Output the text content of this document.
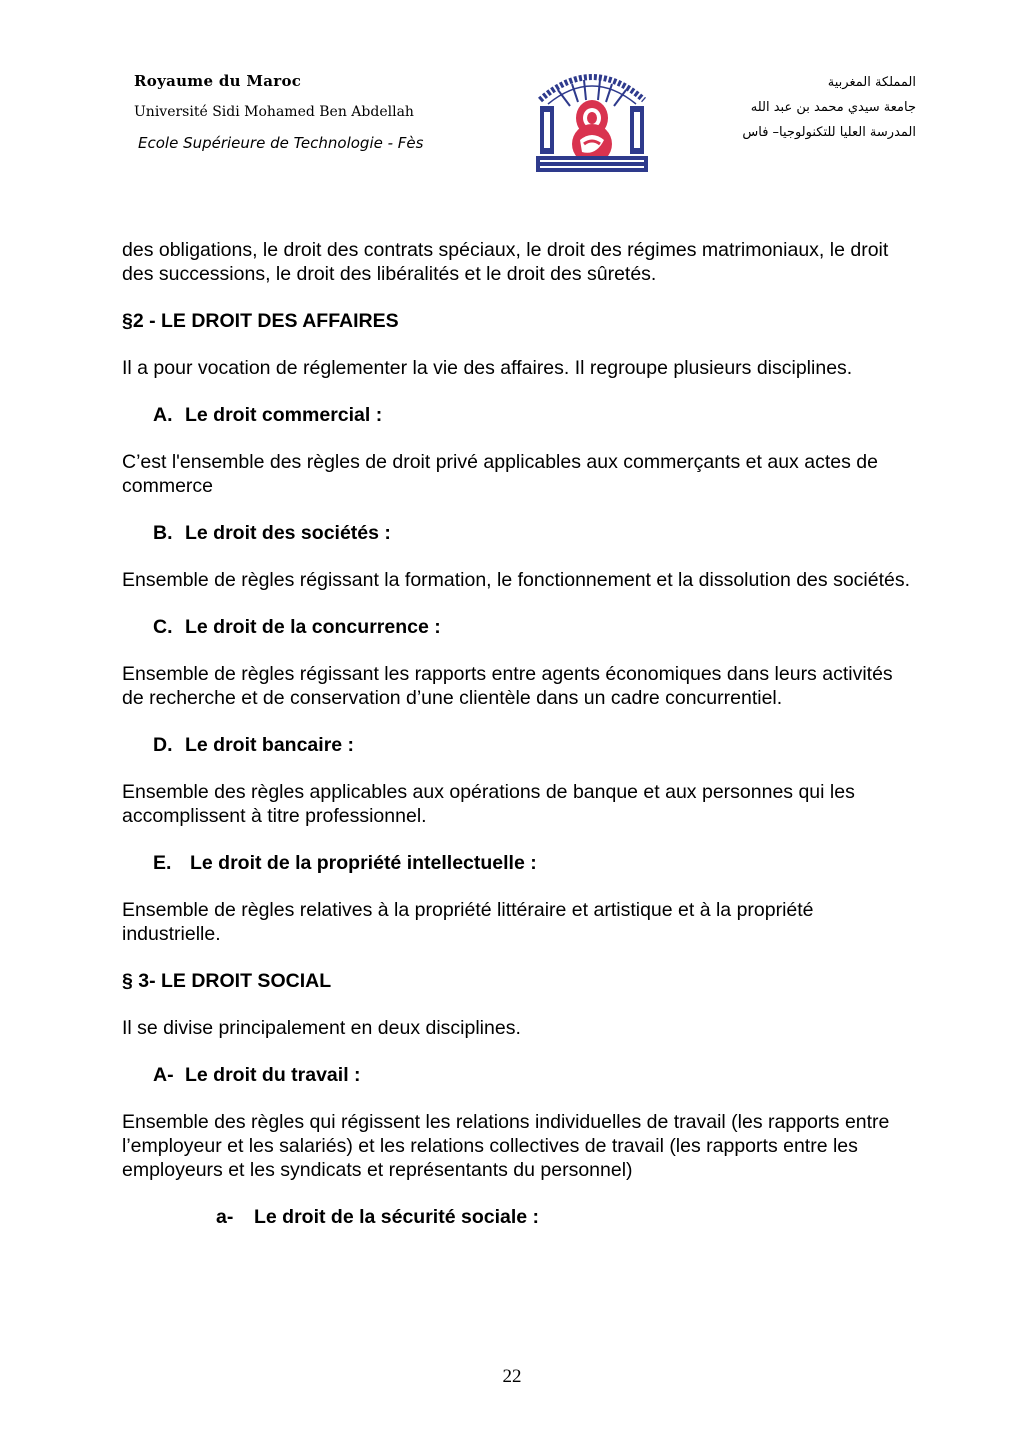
Royaume du Maroc

Université Sidi Mohamed Ben Abdellah

Ecole Supérieure de Technologie - Fès

المملكة المغربية

جامعة سيدي محمد بن عبد الله

المدرسة العليا للتكنولوجيا– فاس

des obligations, le droit des contrats spéciaux, le droit des régimes matrimoniaux, le droit des successions, le droit des libéralités et le droit des sûretés.

§2 - LE DROIT DES AFFAIRES

Il a pour vocation de réglementer la vie des affaires. Il regroupe plusieurs disciplines.

A. Le droit commercial :

C’est l'ensemble des règles de droit privé applicables aux commerçants et aux actes de commerce

B. Le droit des sociétés :

Ensemble de règles régissant la formation, le fonctionnement et la dissolution des sociétés.

C. Le droit de la concurrence :

Ensemble de règles régissant les rapports entre agents économiques dans leurs activités de recherche et de conservation d’une clientèle dans un cadre concurrentiel.

D. Le droit bancaire :

Ensemble des règles applicables aux opérations de banque et aux personnes qui les accomplissent à titre professionnel.

E. Le droit de la propriété intellectuelle :

Ensemble de règles relatives à la propriété littéraire et artistique et à la propriété industrielle.

§ 3- LE DROIT SOCIAL

Il se divise principalement en deux disciplines.

A- Le droit du travail :

Ensemble des règles qui régissent les relations individuelles de travail (les rapports entre l’employeur et les salariés) et les relations collectives de travail (les rapports entre les employeurs et les syndicats et représentants du personnel)

a- Le droit de la sécurité sociale :

22
